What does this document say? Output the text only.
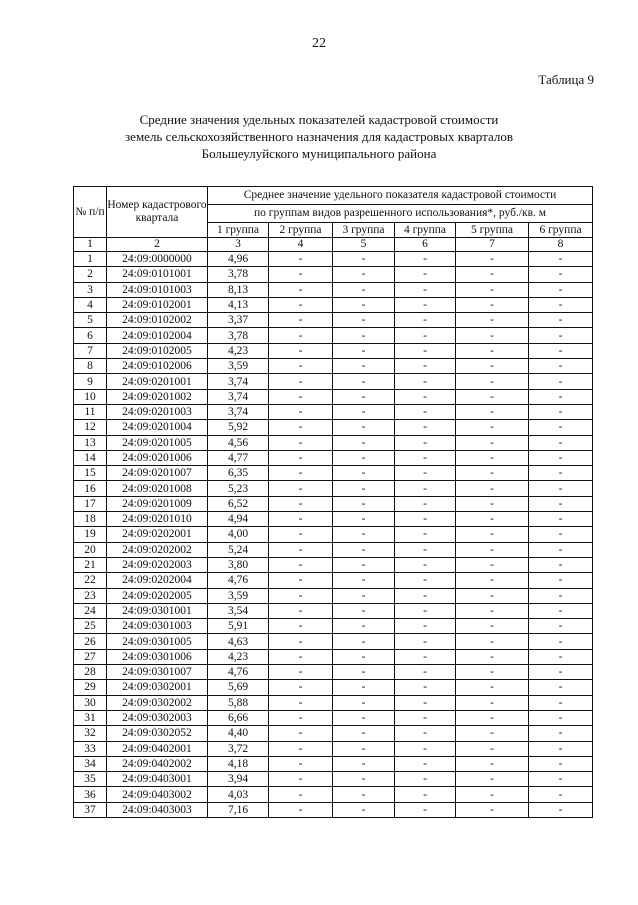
22
Таблица 9
Средние значения удельных показателей кадастровой стоимости
земель сельскохозяйственного назначения для кадастровых кварталов
Большеулуйского муниципального района
№ п/п	Номер кадастрового квартала	Среднее значение удельного показателя кадастровой стоимости					
		по группам видов разрешенного использования*, руб./кв. м					
		1 группа	2 группа	3 группа	4 группа	5 группа	6 группа
1	2	3	4	5	6	7	8
1	24:09:0000000	4,96	-	-	-	-	-
2	24:09:0101001	3,78	-	-	-	-	-
3	24:09:0101003	8,13	-	-	-	-	-
4	24:09:0102001	4,13	-	-	-	-	-
5	24:09:0102002	3,37	-	-	-	-	-
6	24:09:0102004	3,78	-	-	-	-	-
7	24:09:0102005	4,23	-	-	-	-	-
8	24:09:0102006	3,59	-	-	-	-	-
9	24:09:0201001	3,74	-	-	-	-	-
10	24:09:0201002	3,74	-	-	-	-	-
11	24:09:0201003	3,74	-	-	-	-	-
12	24:09:0201004	5,92	-	-	-	-	-
13	24:09:0201005	4,56	-	-	-	-	-
14	24:09:0201006	4,77	-	-	-	-	-
15	24:09:0201007	6,35	-	-	-	-	-
16	24:09:0201008	5,23	-	-	-	-	-
17	24:09:0201009	6,52	-	-	-	-	-
18	24:09:0201010	4,94	-	-	-	-	-
19	24:09:0202001	4,00	-	-	-	-	-
20	24:09:0202002	5,24	-	-	-	-	-
21	24:09:0202003	3,80	-	-	-	-	-
22	24:09:0202004	4,76	-	-	-	-	-
23	24:09:0202005	3,59	-	-	-	-	-
24	24:09:0301001	3,54	-	-	-	-	-
25	24:09:0301003	5,91	-	-	-	-	-
26	24:09:0301005	4,63	-	-	-	-	-
27	24:09:0301006	4,23	-	-	-	-	-
28	24:09:0301007	4,76	-	-	-	-	-
29	24:09:0302001	5,69	-	-	-	-	-
30	24:09:0302002	5,88	-	-	-	-	-
31	24:09:0302003	6,66	-	-	-	-	-
32	24:09:0302052	4,40	-	-	-	-	-
33	24:09:0402001	3,72	-	-	-	-	-
34	24:09:0402002	4,18	-	-	-	-	-
35	24:09:0403001	3,94	-	-	-	-	-
36	24:09:0403002	4,03	-	-	-	-	-
37	24:09:0403003	7,16	-	-	-	-	-
